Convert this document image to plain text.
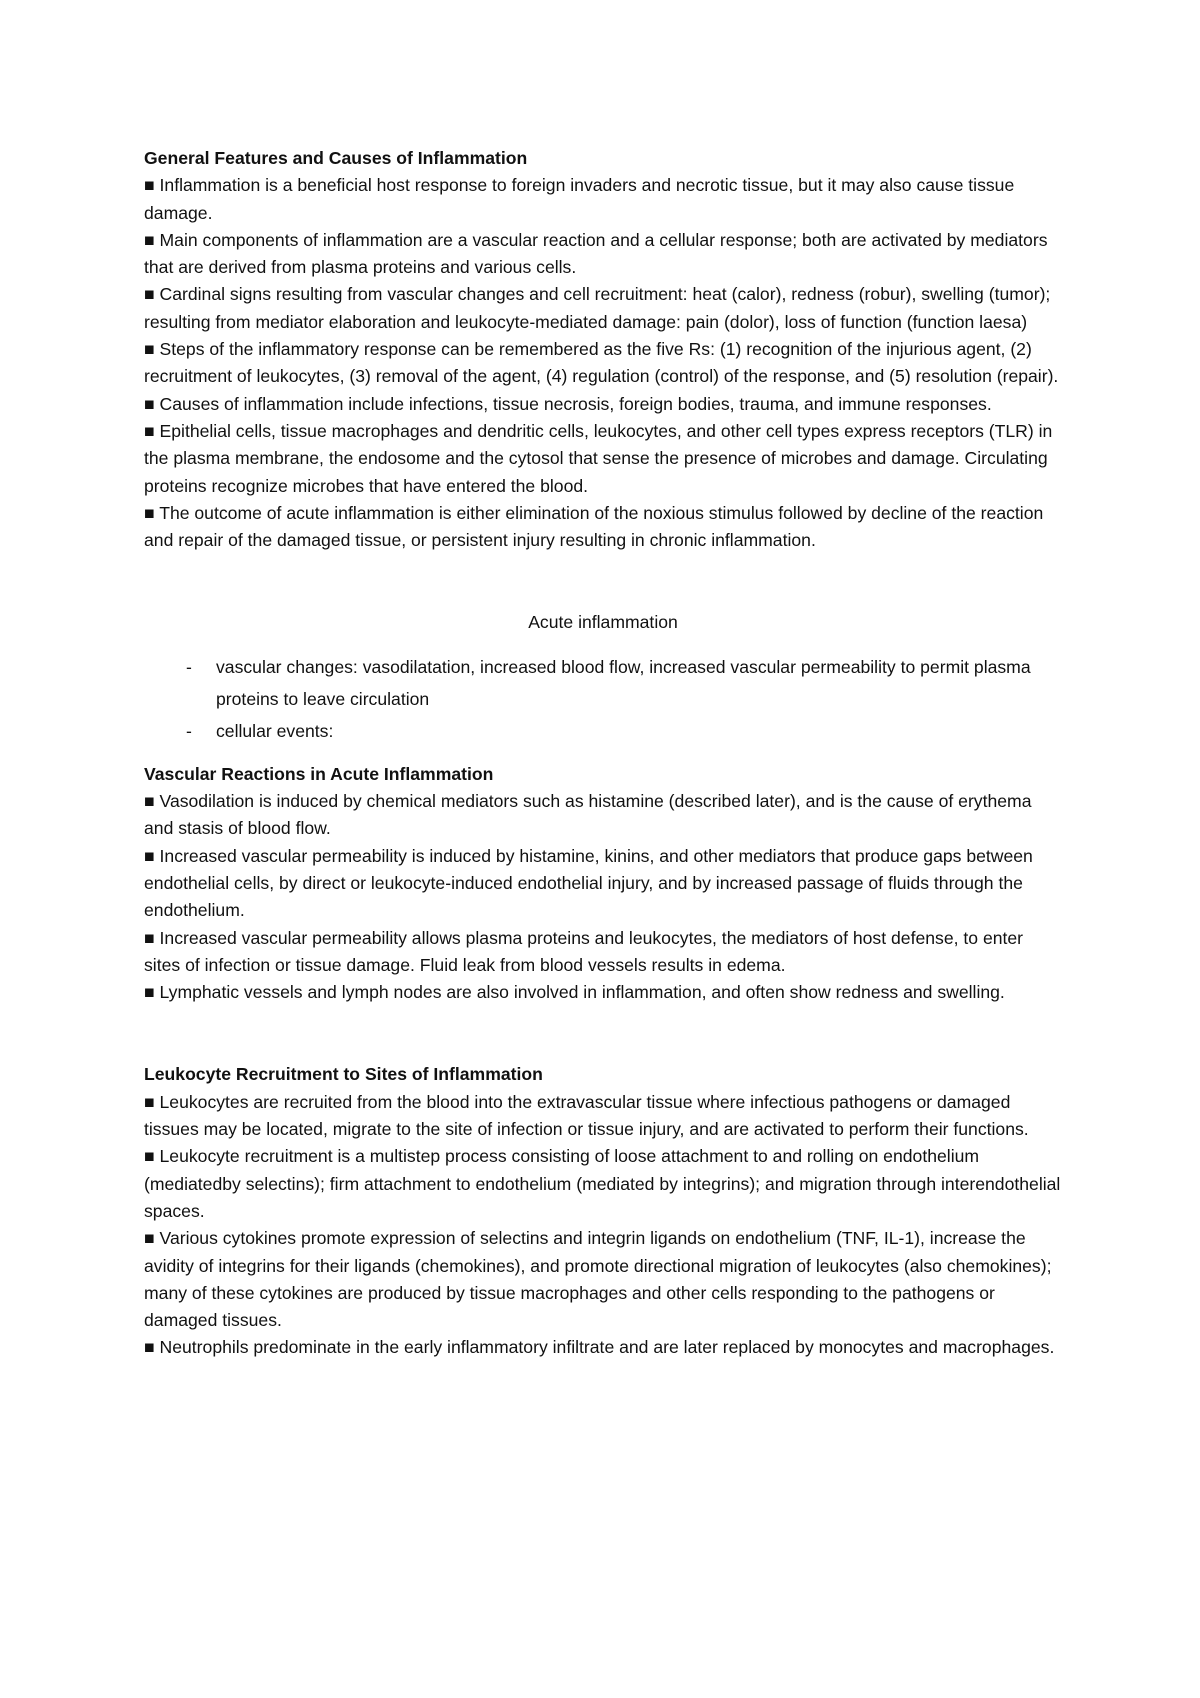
General Features and Causes of Inflammation

■ Inflammation is a beneficial host response to foreign invaders and necrotic tissue, but it may also cause tissue damage.

■ Main components of inflammation are a vascular reaction and a cellular response; both are activated by mediators that are derived from plasma proteins and various cells.

■ Cardinal signs resulting from vascular changes and cell recruitment: heat (calor), redness (robur), swelling (tumor); resulting from mediator elaboration and leukocyte-mediated damage: pain (dolor), loss of function (function laesa)

■ Steps of the inflammatory response can be remembered as the five Rs: (1) recognition of the injurious agent, (2) recruitment of leukocytes, (3) removal of the agent, (4) regulation (control) of the response, and (5) resolution (repair).

■ Causes of inflammation include infections, tissue necrosis, foreign bodies, trauma, and immune responses.

■ Epithelial cells, tissue macrophages and dendritic cells, leukocytes, and other cell types express receptors (TLR) in the plasma membrane, the endosome and the cytosol that sense the presence of microbes and damage. Circulating proteins recognize microbes that have entered the blood.

■ The outcome of acute inflammation is either elimination of the noxious stimulus followed by decline of the reaction and repair of the damaged tissue, or persistent injury resulting in chronic inflammation.

Acute inflammation

- vascular changes: vasodilatation, increased blood flow, increased vascular permeability to permit plasma proteins to leave circulation
- cellular events:
Vascular Reactions in Acute Inflammation

■ Vasodilation is induced by chemical mediators such as histamine (described later), and is the cause of erythema and stasis of blood flow.

■ Increased vascular permeability is induced by histamine, kinins, and other mediators that produce gaps between endothelial cells, by direct or leukocyte-induced endothelial injury, and by increased passage of fluids through the endothelium.

■ Increased vascular permeability allows plasma proteins and leukocytes, the mediators of host defense, to enter sites of infection or tissue damage. Fluid leak from blood vessels results in edema.

■ Lymphatic vessels and lymph nodes are also involved in inflammation, and often show redness and swelling.

Leukocyte Recruitment to Sites of Inflammation

■ Leukocytes are recruited from the blood into the extravascular tissue where infectious pathogens or damaged tissues may be located, migrate to the site of infection or tissue injury, and are activated to perform their functions.

■ Leukocyte recruitment is a multistep process consisting of loose attachment to and rolling on endothelium (mediatedby selectins); firm attachment to endothelium (mediated by integrins); and migration through interendothelial spaces.

■ Various cytokines promote expression of selectins and integrin ligands on endothelium (TNF, IL-1), increase the avidity of integrins for their ligands (chemokines), and promote directional migration of leukocytes (also chemokines); many of these cytokines are produced by tissue macrophages and other cells responding to the pathogens or damaged tissues.

■ Neutrophils predominate in the early inflammatory infiltrate and are later replaced by monocytes and macrophages.
